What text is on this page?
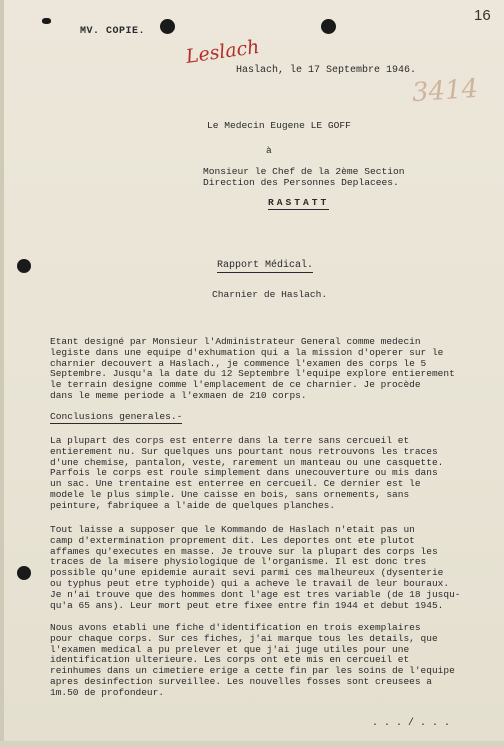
16
MV. COPIE.
Leslach
3414
Haslach, le 17 Septembre 1946.
Le Medecin Eugene LE GOFF
à
Monsieur le Chef de la 2ème Section
Direction des Personnes Deplacees.
RASTATT
Rapport Médical.
Charnier de Haslach.
Etant designé par Monsieur l'Administrateur General comme medecin
legiste dans une equipe d'exhumation qui a la mission d'operer sur le
charnier decouvert a Haslach., je commence l'examen des corps le 5
Septembre. Jusqu'a la date du 12 Septembre l'equipe explore entierement
le terrain designe comme l'emplacement de ce charnier. Je procède
dans le meme periode a l'exmaen de 210 corps.
Conclusions generales.-
La plupart des corps est enterre dans la terre sans cercueil et
entierement nu. Sur quelques uns pourtant nous retrouvons les traces
d'une chemise, pantalon, veste, rarement un manteau ou une casquette.
Parfois le corps est roule simplement dans unecouverture ou mis dans
un sac. Une trentaine est enterree en cercueil. Ce dernier est le
modele le plus simple. Une caisse en bois, sans ornements, sans
peinture, fabriquee a l'aide de quelques planches.
Tout laisse a supposer que le Kommando de Haslach n'etait pas un
camp d'extermination proprement dit. Les deportes ont ete plutot
affames qu'executes en masse. Je trouve sur la plupart des corps les
traces de la misere physiologique de l'organisme. Il est donc tres
possible qu'une epidemie aurait sevi parmi ces malheureux (dysenterie
ou typhus peut etre typhoide) qui a acheve le travail de leur bouraux.
Je n'ai trouve que des hommes dont l'age est tres variable (de 18 jusqu-
qu'a 65 ans). Leur mort peut etre fixee entre fin 1944 et debut 1945.
Nous avons etabli une fiche d'identification en trois exemplaires
pour chaque corps. Sur ces fiches, j'ai marque tous les details, que
l'examen medical a pu prelever et que j'ai juge utiles pour une
identification ulterieure. Les corps ont ete mis en cercueil et
reinhumes dans un cimetiere erige a cette fin par les soins de l'equipe
apres desinfection surveillee. Les nouvelles fosses sont creusees a
1m.50 de profondeur.
. . . / . . .
